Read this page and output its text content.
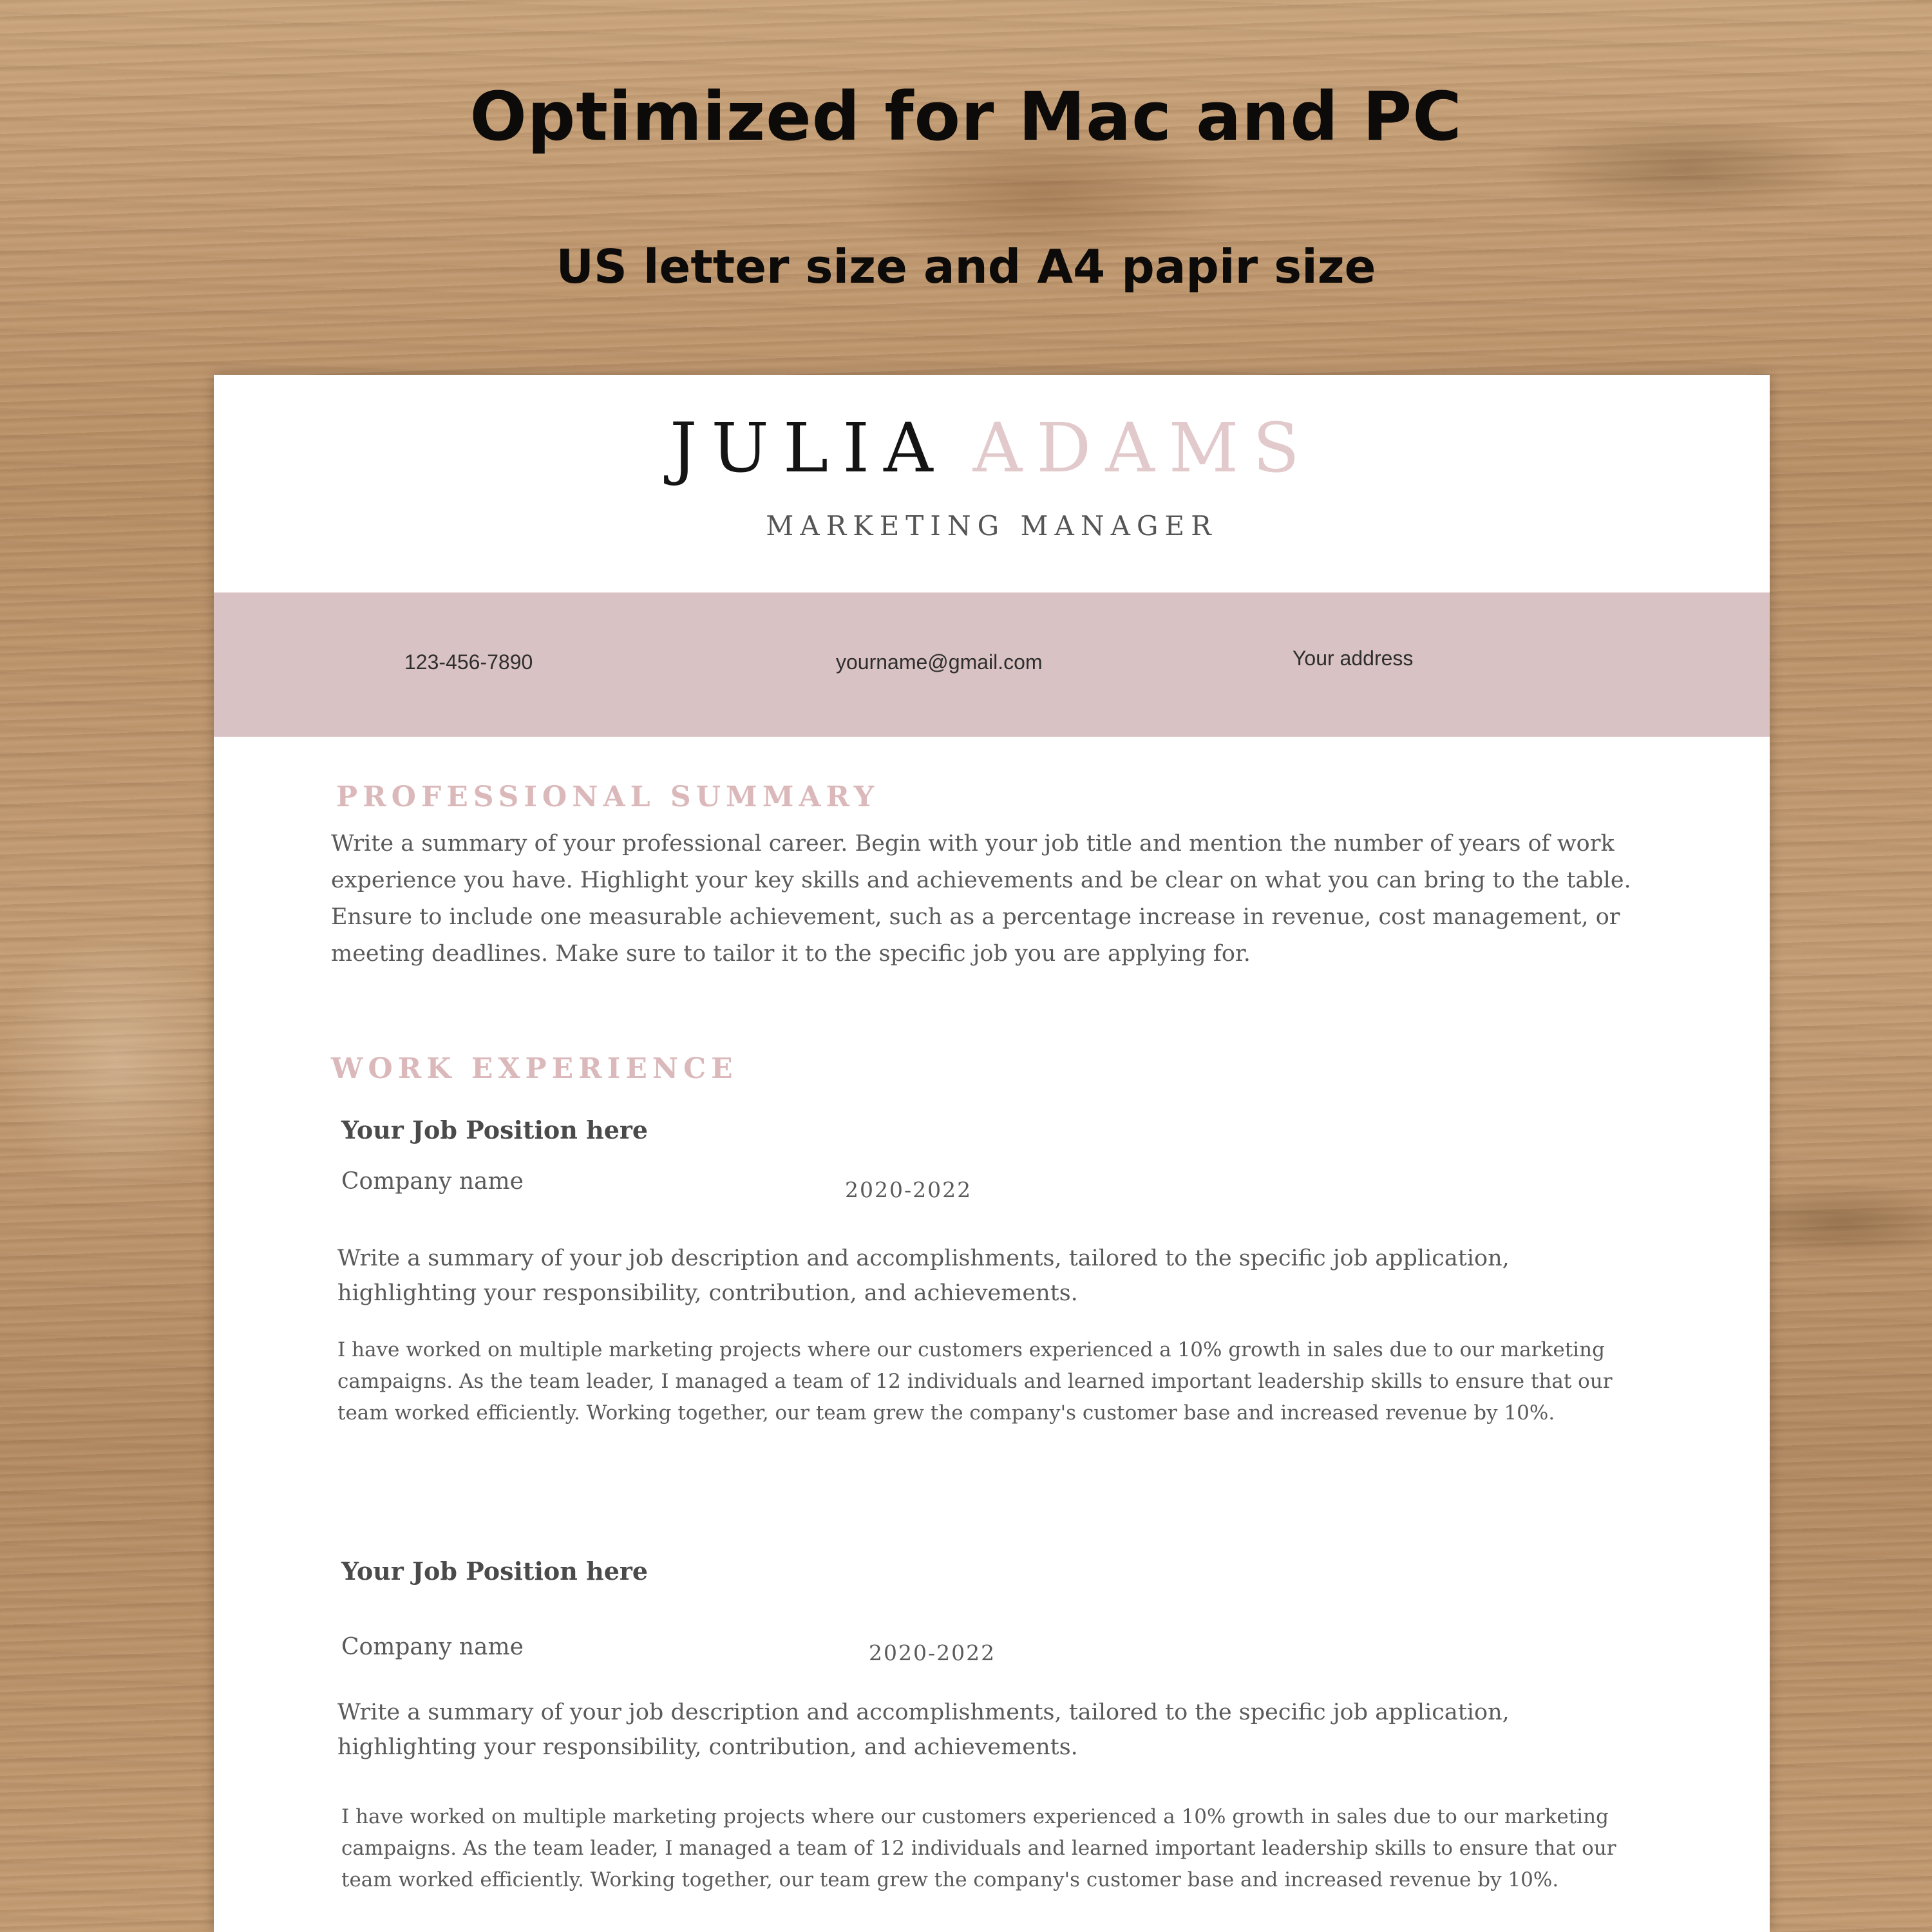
Optimized for Mac and PC
US letter size and A4 papir size
JULIA ADAMS
MARKETING MANAGER
123-456-7890	yourname@gmail.com	Your address
PROFESSIONAL SUMMARY

Write a summary of your professional career. Begin with your job title and mention the number of years of work experience you have. Highlight your key skills and achievements and be clear on what you can bring to the table. Ensure to include one measurable achievement, such as a percentage increase in revenue, cost management, or meeting deadlines. Make sure to tailor it to the specific job you are applying for.

WORK EXPERIENCE
Your Job Position here
Company name	2020-2022

Write a summary of your job description and accomplishments, tailored to the specific job application, highlighting your responsibility, contribution, and achievements.

I have worked on multiple marketing projects where our customers experienced a 10% growth in sales due to our marketing campaigns. As the team leader, I managed a team of 12 individuals and learned important leadership skills to ensure that our team worked efficiently. Working together, our team grew the company's customer base and increased revenue by 10%.

Your Job Position here
Company name	2020-2022

Write a summary of your job description and accomplishments, tailored to the specific job application, highlighting your responsibility, contribution, and achievements.

I have worked on multiple marketing projects where our customers experienced a 10% growth in sales due to our marketing campaigns. As the team leader, I managed a team of 12 individuals and learned important leadership skills to ensure that our team worked efficiently. Working together, our team grew the company's customer base and increased revenue by 10%.
